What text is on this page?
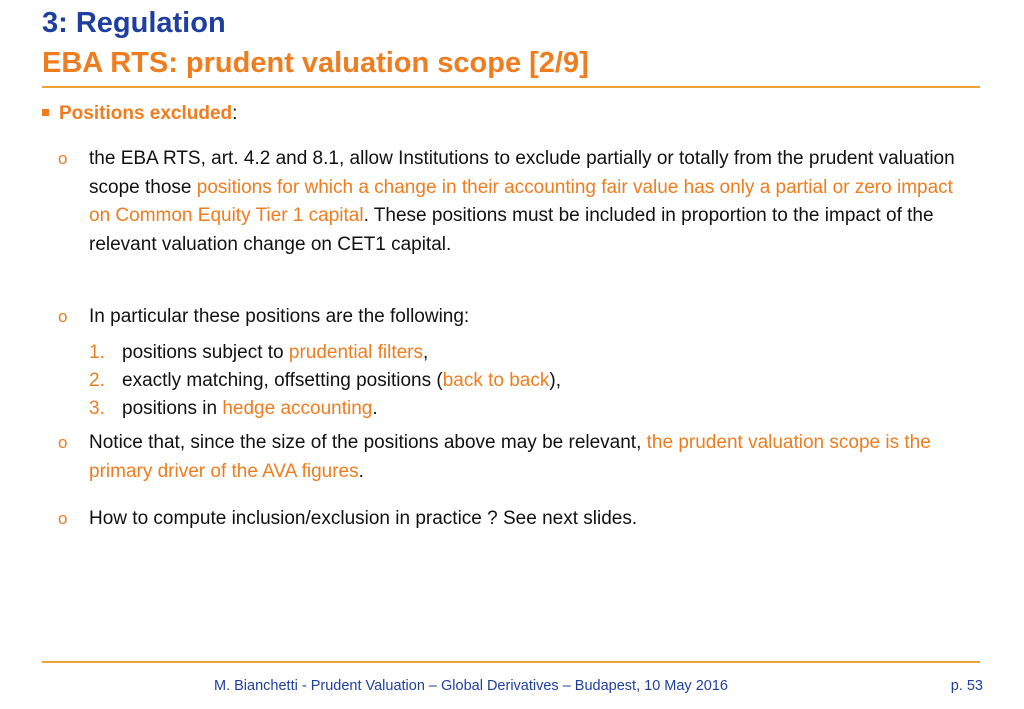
3: Regulation
EBA RTS: prudent valuation scope [2/9]
Positions excluded:
o the EBA RTS, art. 4.2 and 8.1, allow Institutions to exclude partially or totally from the prudent valuation scope those positions for which a change in their accounting fair value has only a partial or zero impact on Common Equity Tier 1 capital. These positions must be included in proportion to the impact of the relevant valuation change on CET1 capital.
o In particular these positions are the following:
1. positions subject to prudential filters,
2. exactly matching, offsetting positions (back to back),
3. positions in hedge accounting.
o Notice that, since the size of the positions above may be relevant, the prudent valuation scope is the primary driver of the AVA figures.
o How to compute inclusion/exclusion in practice ? See next slides.
M. Bianchetti - Prudent Valuation – Global Derivatives – Budapest, 10 May 2016	p. 53
